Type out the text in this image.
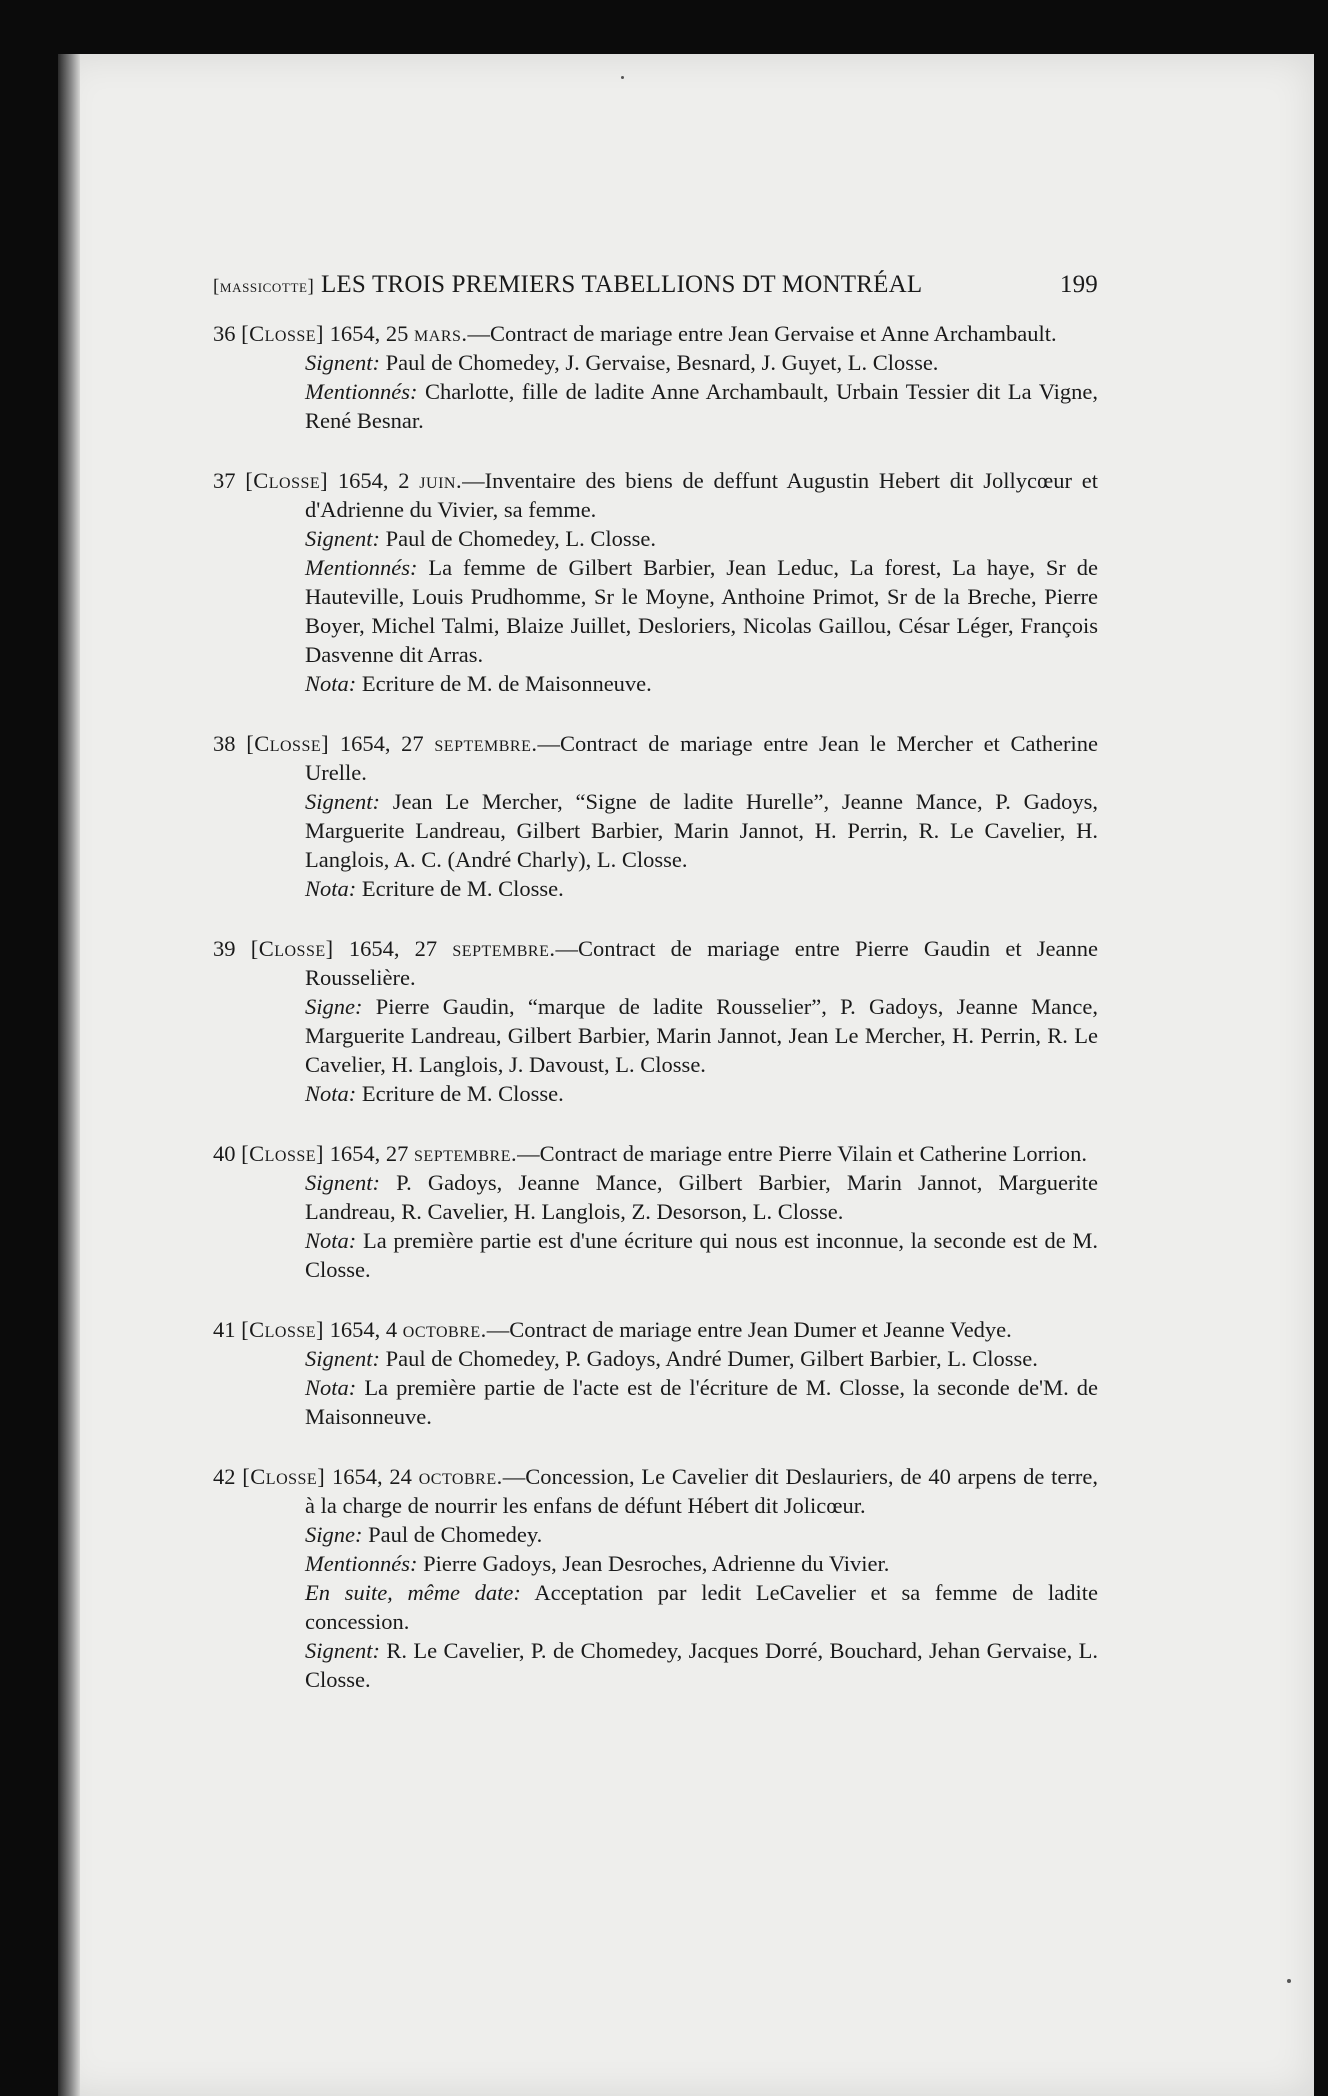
[massicotte] LES TROIS PREMIERS TABELLIONS DT MONTRÉAL	199

36 [Closse] 1654, 25 mars.—Contract de mariage entre Jean Gervaise et Anne Archambault.

Signent: Paul de Chomedey, J. Gervaise, Besnard, J. Guyet, L. Closse.

Mentionnés: Charlotte, fille de ladite Anne Archambault, Urbain Tessier dit La Vigne, René Besnar.

37 [Closse] 1654, 2 juin.—Inventaire des biens de deffunt Augustin Hebert dit Jollycœur et d'Adrienne du Vivier, sa femme.

Signent: Paul de Chomedey, L. Closse.

Mentionnés: La femme de Gilbert Barbier, Jean Leduc, La forest, La haye, Sr de Hauteville, Louis Prudhomme, Sr le Moyne, Anthoine Primot, Sr de la Breche, Pierre Boyer, Michel Talmi, Blaize Juillet, Desloriers, Nicolas Gaillou, César Léger, François Dasvenne dit Arras.

Nota: Ecriture de M. de Maisonneuve.

38 [Closse] 1654, 27 septembre.—Contract de mariage entre Jean le Mercher et Catherine Urelle.

Signent: Jean Le Mercher, “Signe de ladite Hurelle”, Jeanne Mance, P. Gadoys, Marguerite Landreau, Gilbert Barbier, Marin Jannot, H. Perrin, R. Le Cavelier, H. Langlois, A. C. (André Charly), L. Closse.

Nota: Ecriture de M. Closse.

39 [Closse] 1654, 27 septembre.—Contract de mariage entre Pierre Gaudin et Jeanne Rousselière.

Signe: Pierre Gaudin, “marque de ladite Rousselier”, P. Gadoys, Jeanne Mance, Marguerite Landreau, Gilbert Barbier, Marin Jannot, Jean Le Mercher, H. Perrin, R. Le Cavelier, H. Langlois, J. Davoust, L. Closse.

Nota: Ecriture de M. Closse.

40 [Closse] 1654, 27 septembre.—Contract de mariage entre Pierre Vilain et Catherine Lorrion.

Signent: P. Gadoys, Jeanne Mance, Gilbert Barbier, Marin Jannot, Marguerite Landreau, R. Cavelier, H. Langlois, Z. Desorson, L. Closse.

Nota: La première partie est d'une écriture qui nous est inconnue, la seconde est de M. Closse.

41 [Closse] 1654, 4 octobre.—Contract de mariage entre Jean Dumer et Jeanne Vedye.

Signent: Paul de Chomedey, P. Gadoys, André Dumer, Gilbert Barbier, L. Closse.

Nota: La première partie de l'acte est de l'écriture de M. Closse, la seconde de'M. de Maisonneuve.

42 [Closse] 1654, 24 octobre.—Concession, Le Cavelier dit Deslauriers, de 40 arpens de terre, à la charge de nourrir les enfans de défunt Hébert dit Jolicœur.

Signe: Paul de Chomedey.

Mentionnés: Pierre Gadoys, Jean Desroches, Adrienne du Vivier.

En suite, même date: Acceptation par ledit LeCavelier et sa femme de ladite concession.

Signent: R. Le Cavelier, P. de Chomedey, Jacques Dorré, Bouchard, Jehan Gervaise, L. Closse.
